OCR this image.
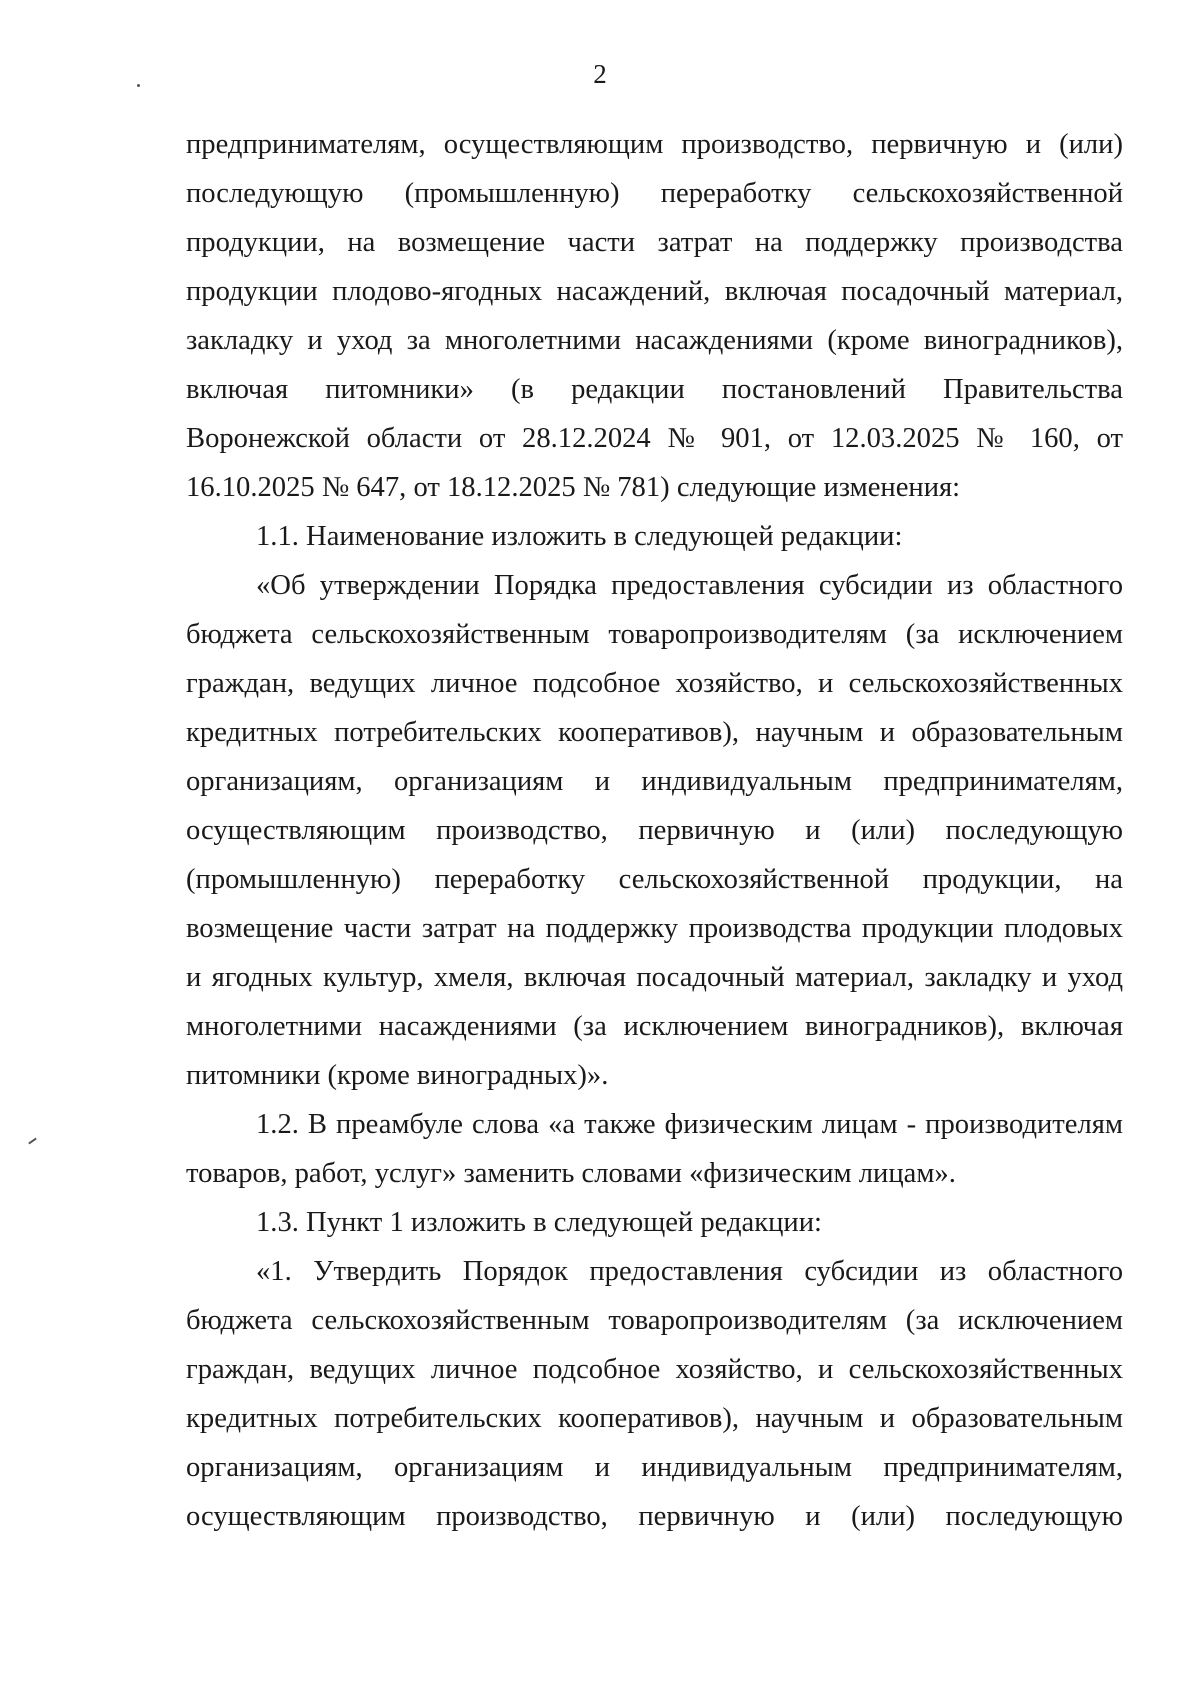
2
предпринимателям, осуществляющим производство, первичную и (или)
последующую (промышленную) переработку сельскохозяйственной
продукции, на возмещение части затрат на поддержку производства
продукции плодово-ягодных насаждений, включая посадочный материал,
закладку и уход за многолетними насаждениями (кроме виноградников),
включая питомники» (в редакции постановлений Правительства
Воронежской области от 28.12.2024 № 901, от 12.03.2025 № 160, от
16.10.2025 № 647, от 18.12.2025 № 781) следующие изменения:
1.1. Наименование изложить в следующей редакции:
«Об утверждении Порядка предоставления субсидии из областного
бюджета сельскохозяйственным товаропроизводителям (за исключением
граждан, ведущих личное подсобное хозяйство, и сельскохозяйственных
кредитных потребительских кооперативов), научным и образовательным
организациям, организациям и индивидуальным предпринимателям,
осуществляющим производство, первичную и (или) последующую
(промышленную) переработку сельскохозяйственной продукции, на
возмещение части затрат на поддержку производства продукции плодовых
и ягодных культур, хмеля, включая посадочный материал, закладку и уход
многолетними насаждениями (за исключением виноградников), включая
питомники (кроме виноградных)».
1.2. В преамбуле слова «а также физическим лицам - производителям
товаров, работ, услуг» заменить словами «физическим лицам».
1.3. Пункт 1 изложить в следующей редакции:
«1. Утвердить Порядок предоставления субсидии из областного
бюджета сельскохозяйственным товаропроизводителям (за исключением
граждан, ведущих личное подсобное хозяйство, и сельскохозяйственных
кредитных потребительских кооперативов), научным и образовательным
организациям, организациям и индивидуальным предпринимателям,
осуществляющим производство, первичную и (или) последующую
